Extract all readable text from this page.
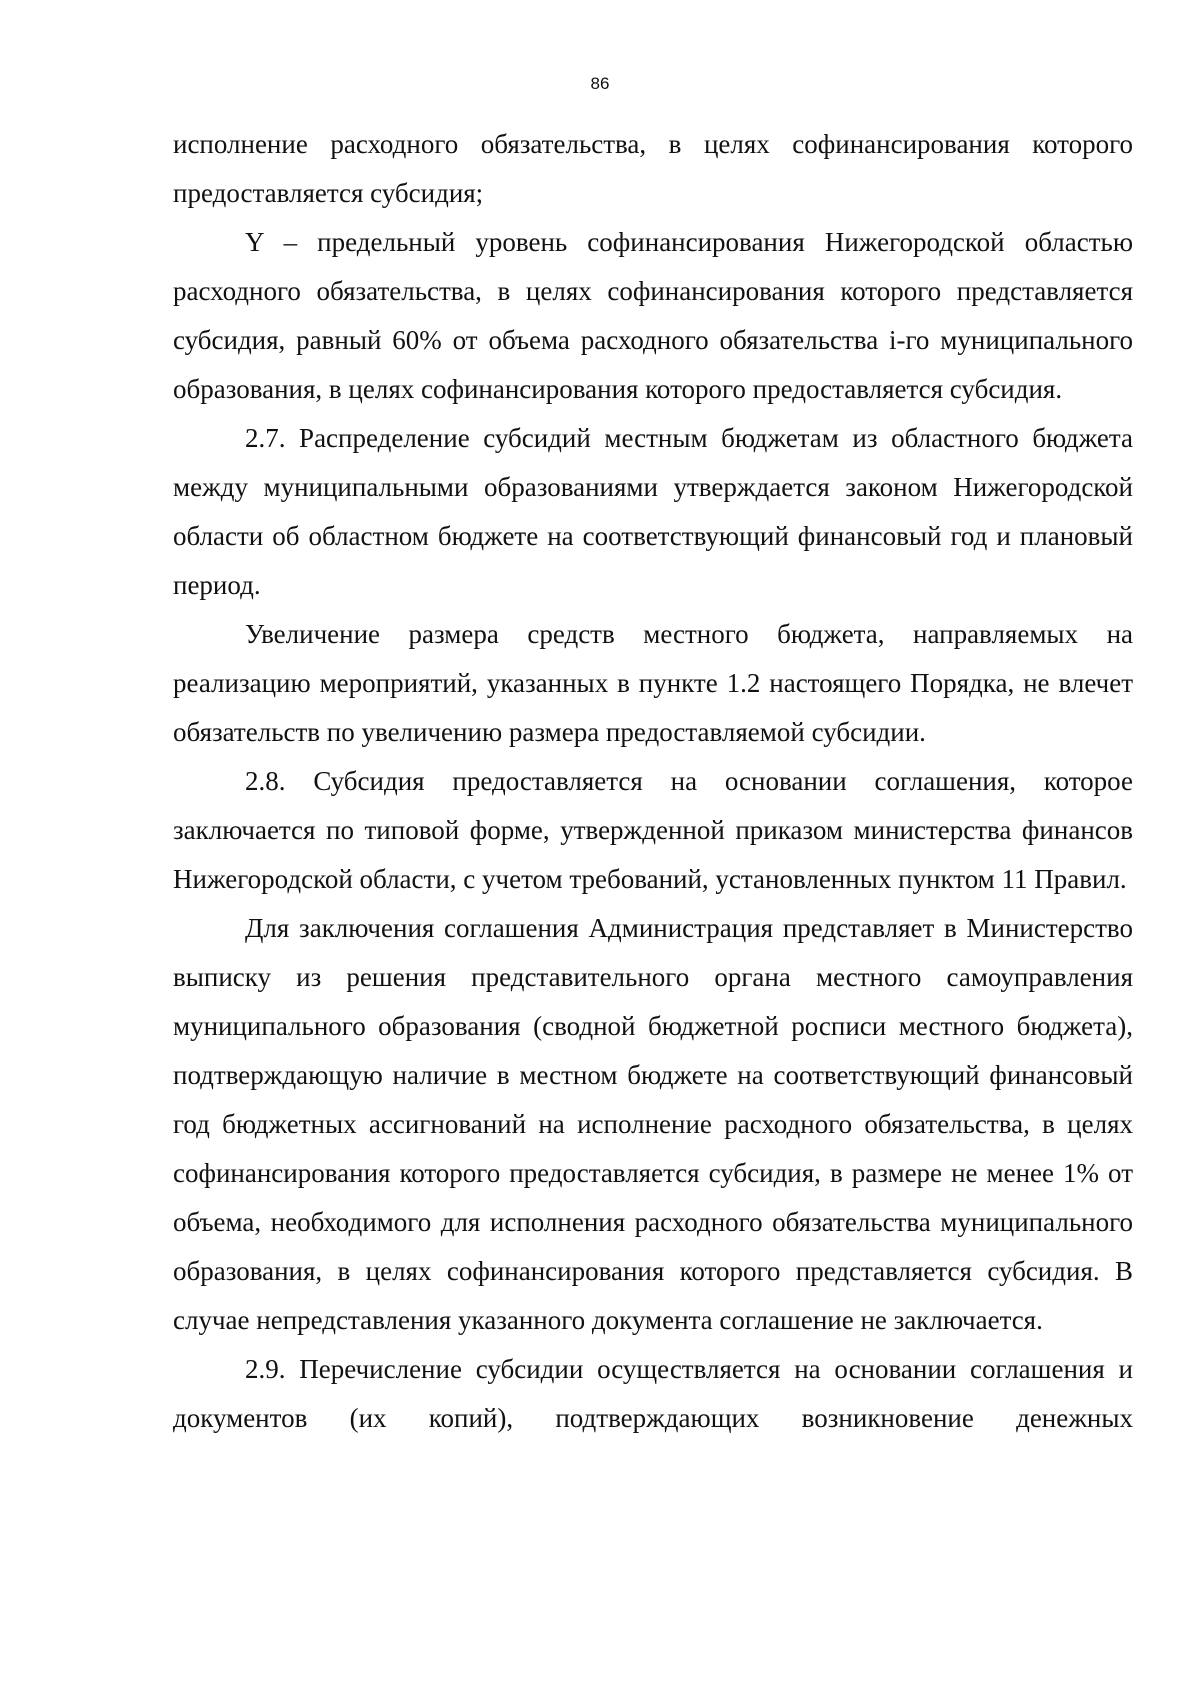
86

исполнение расходного обязательства, в целях софинансирования которого предоставляется субсидия;

Y – предельный уровень софинансирования Нижегородской областью расходного обязательства, в целях софинансирования которого представляется субсидия, равный 60% от объема расходного обязательства i-го муниципального образования, в целях софинансирования которого предоставляется субсидия.

2.7. Распределение субсидий местным бюджетам из областного бюджета между муниципальными образованиями утверждается законом Нижегородской области об областном бюджете на соответствующий финансовый год и плановый период.

Увеличение размера средств местного бюджета, направляемых на реализацию мероприятий, указанных в пункте 1.2 настоящего Порядка, не влечет обязательств по увеличению размера предоставляемой субсидии.

2.8. Субсидия предоставляется на основании соглашения, которое заключается по типовой форме, утвержденной приказом министерства финансов Нижегородской области, с учетом требований, установленных пунктом 11 Правил.

Для заключения соглашения Администрация представляет в Министерство выписку из решения представительного органа местного самоуправления муниципального образования (сводной бюджетной росписи местного бюджета), подтверждающую наличие в местном бюджете на соответствующий финансовый год бюджетных ассигнований на исполнение расходного обязательства, в целях софинансирования которого предоставляется субсидия, в размере не менее 1% от объема, необходимого для исполнения расходного обязательства муниципального образования, в целях софинансирования которого представляется субсидия. В случае непредставления указанного документа соглашение не заключается.

2.9. Перечисление субсидии осуществляется на основании соглашения и документов (их копий), подтверждающих возникновение денежных
